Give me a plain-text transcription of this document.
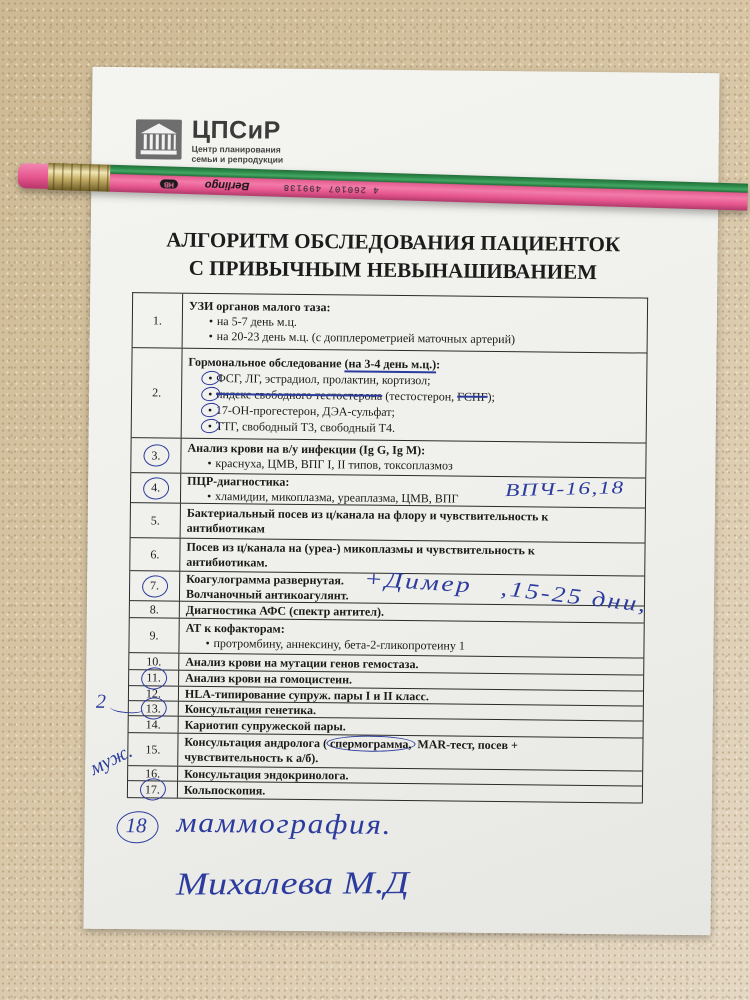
ЦПСиР
Центр планирования
семьи и репродукции
АЛГОРИТМ ОБСЛЕДОВАНИЯ ПАЦИЕНТОК
С ПРИВЫЧНЫМ НЕВЫНАШИВАНИЕМ
1.
УЗИ органов малого таза:
• на 5-7 день м.ц.
• на 20-23 день м.ц. (с допплерометрией маточных артерий)
2.
Гормональное обследование (на 3-4 день м.ц.):
• ФСГ, ЛГ, эстрадиол, пролактин, кортизол;
• индекс свободного тестостерона (тестостерон, ГСПГ);
• 17-ОН-прогестерон, ДЭА-сульфат;
• ТТГ, свободный Т3, свободный Т4.
3. Анализ крови на в/у инфекции (Ig G, Ig M):
• краснуха, ЦМВ, ВПГ I, II типов, токсоплазмоз
4. ПЦР-диагностика:
• хламидии, микоплазма, уреаплазма, ЦМВ, ВПГ
5. Бактериальный посев из ц/канала на флору и чувствительность к
антибиотикам
6. Посев из ц/канала на (уреа-) микоплазмы и чувствительность к
антибиотикам.
7. Коагулограмма развернутая.
Волчаночный антикоагулянт.
8. Диагностика АФС (спектр антител).
9. АТ к кофакторам:
• протромбину, аннексину, бета-2-гликопротеину 1
10. Анализ крови на мутации генов гемостаза.
11. Анализ крови на гомоцистеин.
12. HLA-типирование супруж. пары I и II класс.
13. Консультация генетика.
14. Кариотип супружеской пары.
15. Консультация андролога ( спермограмма, MAR-тест, посев +
чувствительность к а/б).
16. Консультация эндокринолога.
17. Кольпоскопия.
ВПЧ-16,18
+Димер ,15-25 дни,
2
муж.
18 маммография.
Михалева М.Д
HB	Berlingo	4 260107 499138
